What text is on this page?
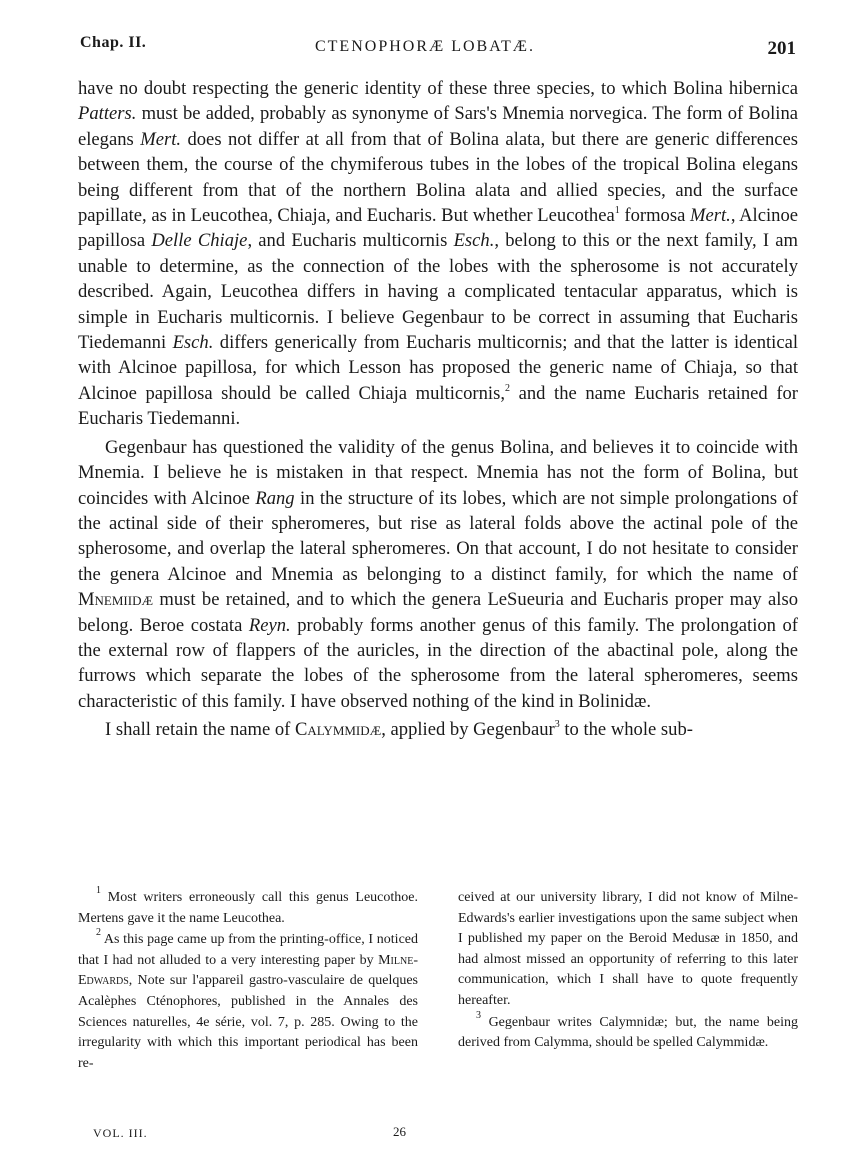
Chap. II.	CTENOPHORÆ LOBATÆ.	201

have no doubt respecting the generic identity of these three species, to which Bolina hibernica Patters. must be added, probably as synonyme of Sars's Mnemia norvegica. The form of Bolina elegans Mert. does not differ at all from that of Bolina alata, but there are generic differences between them, the course of the chymiferous tubes in the lobes of the tropical Bolina elegans being different from that of the northern Bolina alata and allied species, and the surface papillate, as in Leucothea, Chiaja, and Eucharis. But whether Leucothea$^1$ formosa Mert., Alcinoe papillosa Delle Chiaje, and Eucharis multicornis Esch., belong to this or the next family, I am unable to determine, as the connection of the lobes with the spherosome is not accurately described. Again, Leucothea differs in having a complicated tentacular apparatus, which is simple in Eucharis multicornis. I believe Gegenbaur to be correct in assuming that Eucharis Tiedemanni Esch. differs generically from Eucharis multicornis; and that the latter is identical with Alcinoe papillosa, for which Lesson has proposed the generic name of Chiaja, so that Alcinoe papillosa should be called Chiaja multicornis,$^2$ and the name Eucharis retained for Eucharis Tiedemanni.

Gegenbaur has questioned the validity of the genus Bolina, and believes it to coincide with Mnemia. I believe he is mistaken in that respect. Mnemia has not the form of Bolina, but coincides with Alcinoe Rang in the structure of its lobes, which are not simple prolongations of the actinal side of their spheromeres, but rise as lateral folds above the actinal pole of the spherosome, and overlap the lateral spheromeres. On that account, I do not hesitate to consider the genera Alcinoe and Mnemia as belonging to a distinct family, for which the name of Mnemiidæ must be retained, and to which the genera LeSueuria and Eucharis proper may also belong. Beroe costata Reyn. probably forms another genus of this family. The prolongation of the external row of flappers of the auricles, in the direction of the abactinal pole, along the furrows which separate the lobes of the spherosome from the lateral spheromeres, seems characteristic of this family. I have observed nothing of the kind in Bolinidæ.

I shall retain the name of Calymmidæ, applied by Gegenbaur$^3$ to the whole sub-

$^1$ Most writers erroneously call this genus Leucothoe. Mertens gave it the name Leucothea.

$^2$ As this page came up from the printing-office, I noticed that I had not alluded to a very interesting paper by Milne-Edwards, Note sur l'appareil gastro-vasculaire de quelques Acalèphes Cténophores, published in the Annales des Sciences naturelles, 4e série, vol. 7, p. 285. Owing to the irregularity with which this important periodical has been re-

ceived at our university library, I did not know of Milne-Edwards's earlier investigations upon the same subject when I published my paper on the Beroid Medusæ in 1850, and had almost missed an opportunity of referring to this later communication, which I shall have to quote frequently hereafter.

$^3$ Gegenbaur writes Calymnidæ; but, the name being derived from Calymma, should be spelled Calymmidæ.

VOL. III.	26
